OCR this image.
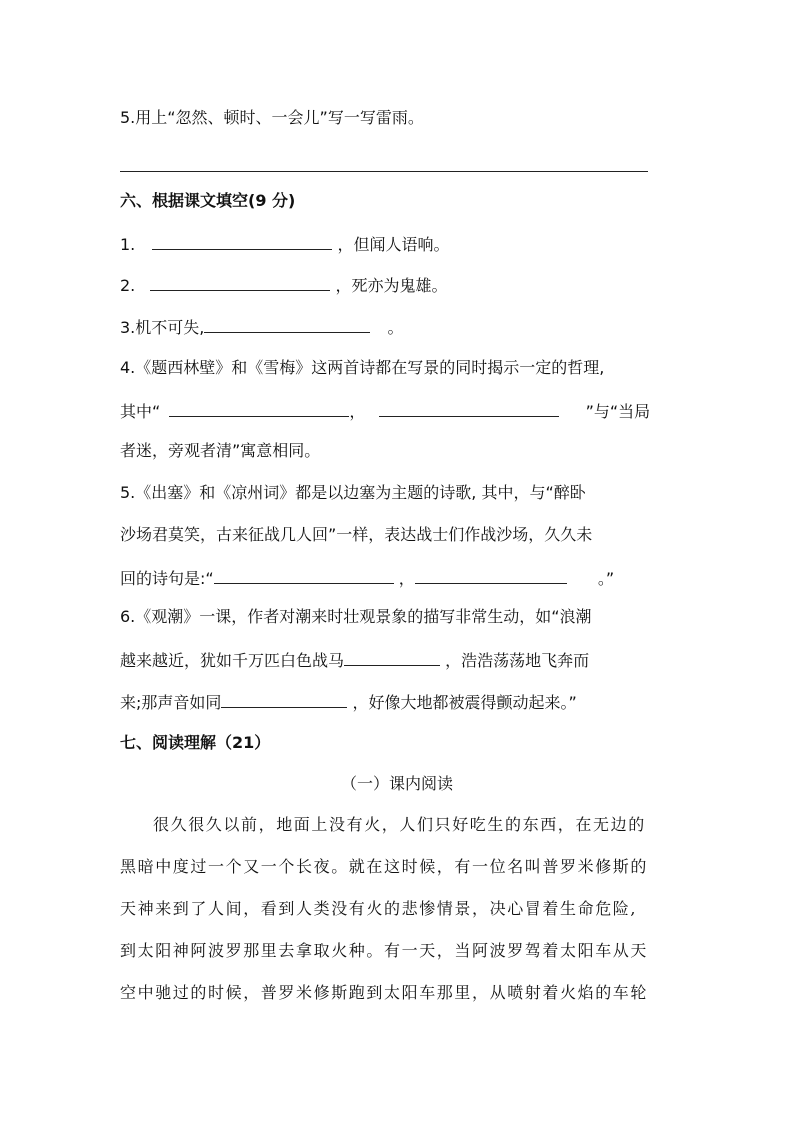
5.用上“忽然、顿时、一会儿”写一写雷雨。
六、根据课文填空(9 分)
1.	，但闻人语响。
2.	，死亦为鬼雄。
3.机不可失,	。
4.《题西林壁》和《雪梅》这两首诗都在写景的同时揭示一定的哲理,
其中“	，	”与“当局
者迷，旁观者清”寓意相同。
5.《出塞》和《凉州词》都是以边塞为主题的诗歌, 其中，与“醉卧
沙场君莫笑，古来征战几人回”一样，表达战士们作战沙场，久久未
回的诗句是:“	，	。”
6.《观潮》一课，作者对潮来时壮观景象的描写非常生动，如“浪潮
越来越近，犹如千万匹白色战马	，浩浩荡荡地飞奔而
来;那声音如同	，好像大地都被震得颤动起来。”
七、阅读理解（21）
（一）课内阅读
很久很久以前，地面上没有火，人们只好吃生的东西，在无边的
黑暗中度过一个又一个长夜。就在这时候，有一位名叫普罗米修斯的
天神来到了人间，看到人类没有火的悲惨情景，决心冒着生命危险,
到太阳神阿波罗那里去拿取火种。有一天，当阿波罗驾着太阳车从天
空中驰过的时候，普罗米修斯跑到太阳车那里，从喷射着火焰的车轮
